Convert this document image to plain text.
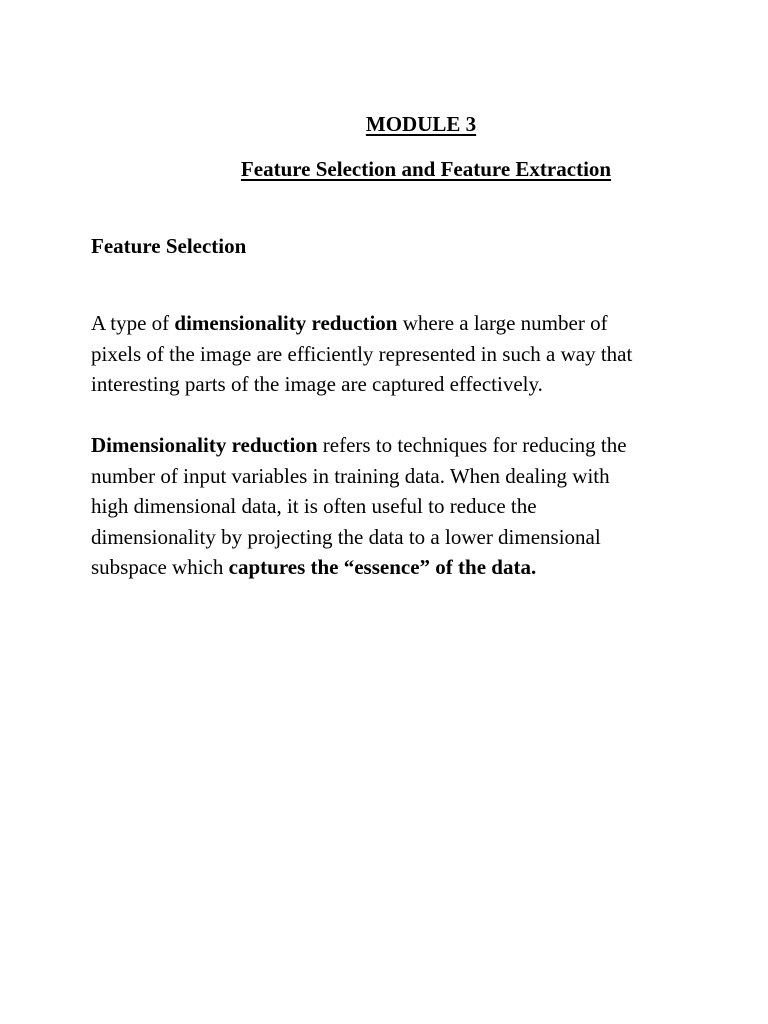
MODULE 3
Feature Selection and Feature Extraction
Feature Selection

A type of dimensionality reduction where a large number of
pixels of the image are efficiently represented in such a way that
interesting parts of the image are captured effectively.

Dimensionality reduction refers to techniques for reducing the
number of input variables in training data. When dealing with
high dimensional data, it is often useful to reduce the
dimensionality by projecting the data to a lower dimensional
subspace which captures the “essence” of the data.
